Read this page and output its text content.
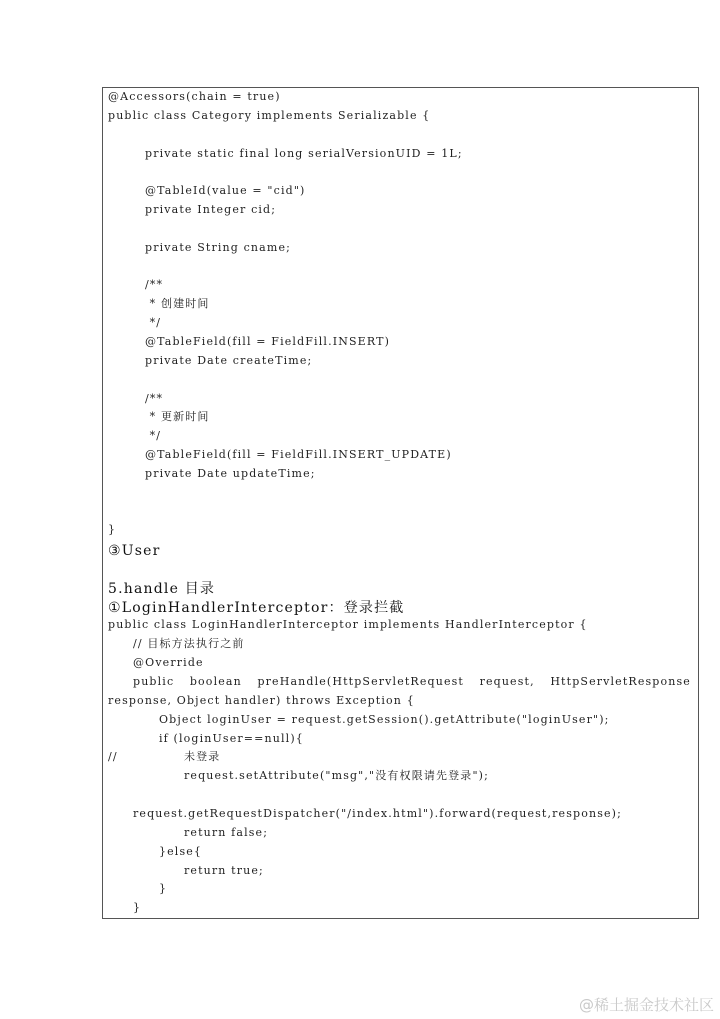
@Accessors(chain = true)
public class Category implements Serializable {
private static final long serialVersionUID = 1L;
@TableId(value = "cid")
private Integer cid;
private String cname;
/**
* 创建时间
*/
@TableField(fill = FieldFill.INSERT)
private Date createTime;
/**
* 更新时间
*/
@TableField(fill = FieldFill.INSERT_UPDATE)
private Date updateTime;
}
③User
5.handle 目录
①LoginHandlerInterceptor：登录拦截
public class LoginHandlerInterceptor implements HandlerInterceptor {
// 目标方法执行之前
@Override
public boolean preHandle(HttpServletRequest request, HttpServletResponse
response, Object handler) throws Exception {
Object loginUser = request.getSession().getAttribute("loginUser");
if (loginUser==null){
//	未登录
request.setAttribute("msg","没有权限请先登录");
request.getRequestDispatcher("/index.html").forward(request,response);
return false;
}else{
return true;
}
}
@稀土掘金技术社区
